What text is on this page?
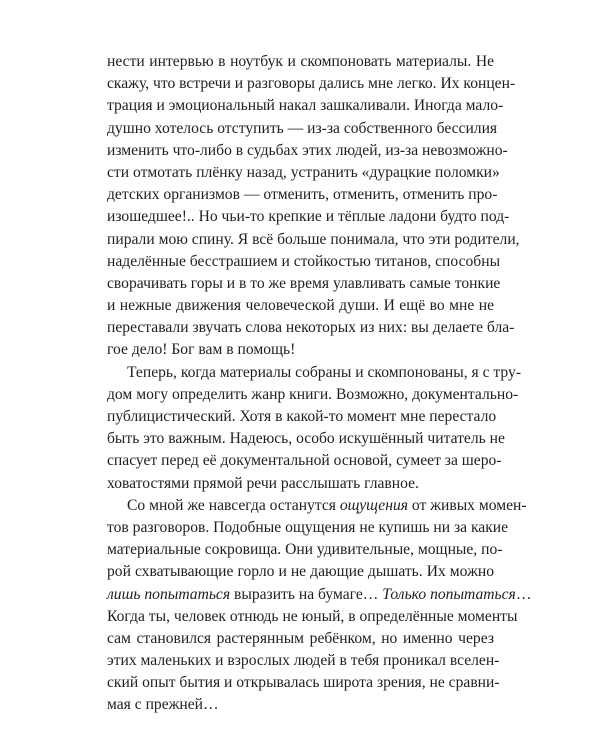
нести интервью в ноутбук и скомпоновать материалы. Не
скажу, что встречи и разговоры дались мне легко. Их концен-
трация и эмоциональный накал зашкаливали. Иногда мало-
душно хотелось отступить — из-за собственного бессилия
изменить что-либо в судьбах этих людей, из-за невозможно-
сти отмотать плёнку назад, устранить «дурацкие поломки»
детских организмов — отменить, отменить, отменить про-
изошедшее!.. Но чьи-то крепкие и тёплые ладони будто под-
пирали мою спину. Я всё больше понимала, что эти родители,
наделённые бесстрашием и стойкостью титанов, способны
сворачивать горы и в то же время улавливать самые тонкие
и нежные движения человеческой души. И ещё во мне не
переставали звучать слова некоторых из них: вы делаете бла-
гое дело! Бог вам в помощь!

Теперь, когда материалы собраны и скомпонованы, я с тру-
дом могу определить жанр книги. Возможно, документально-
публицистический. Хотя в какой-то момент мне перестало
быть это важным. Надеюсь, особо искушённый читатель не
спасует перед её документальной основой, сумеет за шеро-
ховатостями прямой речи расслышать главное.

Со мной же навсегда останутся ощущения от живых момен-
тов разговоров. Подобные ощущения не купишь ни за какие
материальные сокровища. Они удивительные, мощные, по-
рой схватывающие горло и не дающие дышать. Их можно
лишь попытаться выразить на бумаге… Только попытаться…
Когда ты, человек отнюдь не юный, в определённые моменты
сам становился растерянным ребёнком, но именно через
этих маленьких и взрослых людей в тебя проникал вселен-
ский опыт бытия и открывалась широта зрения, не сравни-
мая с прежней…
